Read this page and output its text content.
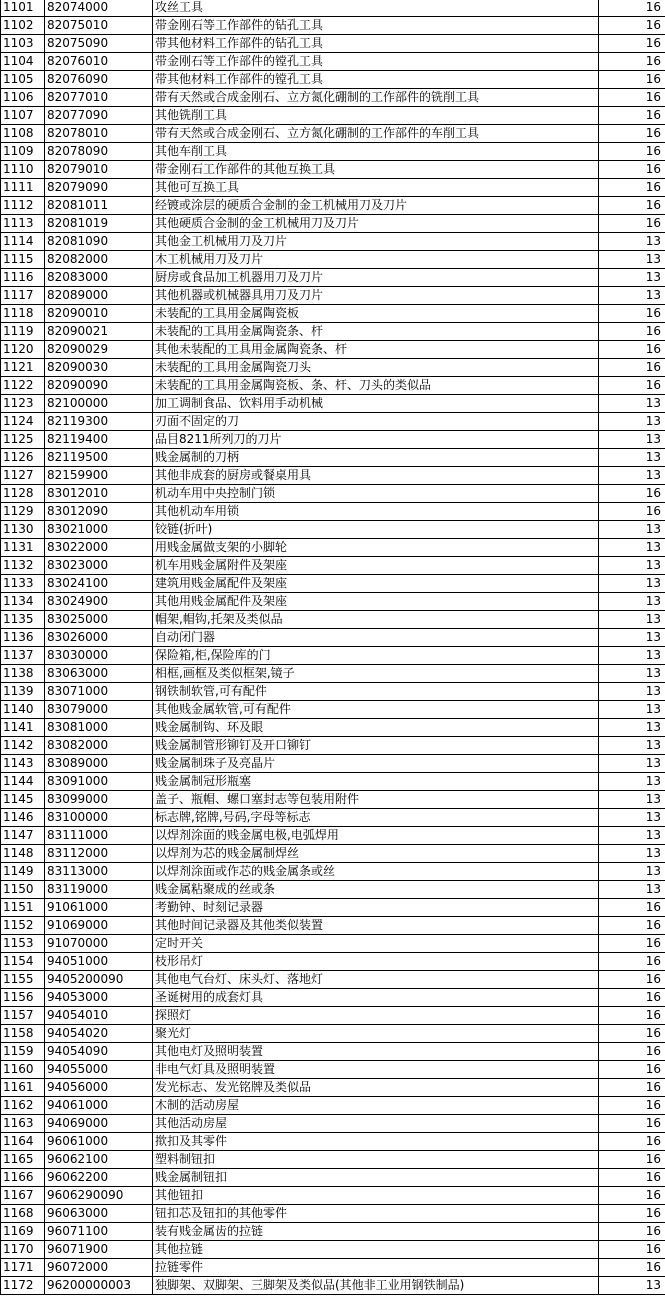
1101	82074000	攻丝工具	16
1102	82075010	带金刚石等工作部件的钻孔工具	16
1103	82075090	带其他材料工作部件的钻孔工具	16
1104	82076010	带金刚石等工作部件的镗孔工具	16
1105	82076090	带其他材料工作部件的镗孔工具	16
1106	82077010	带有天然或合成金刚石、立方氮化硼制的工作部件的铣削工具	16
1107	82077090	其他铣削工具	16
1108	82078010	带有天然或合成金刚石、立方氮化硼制的工作部件的车削工具	16
1109	82078090	其他车削工具	16
1110	82079010	带金刚石工作部件的其他互换工具	16
1111	82079090	其他可互换工具	16
1112	82081011	经镀或涂层的硬质合金制的金工机械用刀及刀片	16
1113	82081019	其他硬质合金制的金工机械用刀及刀片	16
1114	82081090	其他金工机械用刀及刀片	13
1115	82082000	木工机械用刀及刀片	13
1116	82083000	厨房或食品加工机器用刀及刀片	13
1117	82089000	其他机器或机械器具用刀及刀片	13
1118	82090010	未装配的工具用金属陶瓷板	16
1119	82090021	未装配的工具用金属陶瓷条、杆	16
1120	82090029	其他未装配的工具用金属陶瓷条、杆	16
1121	82090030	未装配的工具用金属陶瓷刀头	16
1122	82090090	未装配的工具用金属陶瓷板、条、杆、刀头的类似品	16
1123	82100000	加工调制食品、饮料用手动机械	13
1124	82119300	刃面不固定的刀	13
1125	82119400	品目8211所列刀的刀片	13
1126	82119500	贱金属制的刀柄	13
1127	82159900	其他非成套的厨房或餐桌用具	13
1128	83012010	机动车用中央控制门锁	16
1129	83012090	其他机动车用锁	16
1130	83021000	铰链(折叶)	13
1131	83022000	用贱金属做支架的小脚轮	13
1132	83023000	机车用贱金属附件及架座	13
1133	83024100	建筑用贱金属配件及架座	13
1134	83024900	其他用贱金属配件及架座	13
1135	83025000	帽架,帽钩,托架及类似品	13
1136	83026000	自动闭门器	13
1137	83030000	保险箱,柜,保险库的门	13
1138	83063000	相框,画框及类似框架,镜子	13
1139	83071000	钢铁制软管,可有配件	13
1140	83079000	其他贱金属软管,可有配件	13
1141	83081000	贱金属制钩、环及眼	13
1142	83082000	贱金属制管形铆钉及开口铆钉	13
1143	83089000	贱金属制珠子及亮晶片	13
1144	83091000	贱金属制冠形瓶塞	13
1145	83099000	盖子、瓶帽、螺口塞封志等包装用附件	13
1146	83100000	标志牌,铭牌,号码,字母等标志	13
1147	83111000	以焊剂涂面的贱金属电极,电弧焊用	13
1148	83112000	以焊剂为芯的贱金属制焊丝	13
1149	83113000	以焊剂涂面或作芯的贱金属条或丝	13
1150	83119000	贱金属粘聚成的丝或条	13
1151	91061000	考勤钟、时刻记录器	16
1152	91069000	其他时间记录器及其他类似装置	16
1153	91070000	定时开关	16
1154	94051000	枝形吊灯	16
1155	9405200090	其他电气台灯、床头灯、落地灯	16
1156	94053000	圣诞树用的成套灯具	16
1157	94054010	探照灯	16
1158	94054020	聚光灯	16
1159	94054090	其他电灯及照明装置	16
1160	94055000	非电气灯具及照明装置	16
1161	94056000	发光标志、发光铭牌及类似品	16
1162	94061000	木制的活动房屋	16
1163	94069000	其他活动房屋	16
1164	96061000	揿扣及其零件	16
1165	96062100	塑料制钮扣	16
1166	96062200	贱金属制钮扣	16
1167	9606290090	其他钮扣	16
1168	96063000	钮扣芯及钮扣的其他零件	16
1169	96071100	装有贱金属齿的拉链	16
1170	96071900	其他拉链	16
1171	96072000	拉链零件	16
1172	96200000003	独脚架、双脚架、三脚架及类似品(其他非工业用钢铁制品)	13
